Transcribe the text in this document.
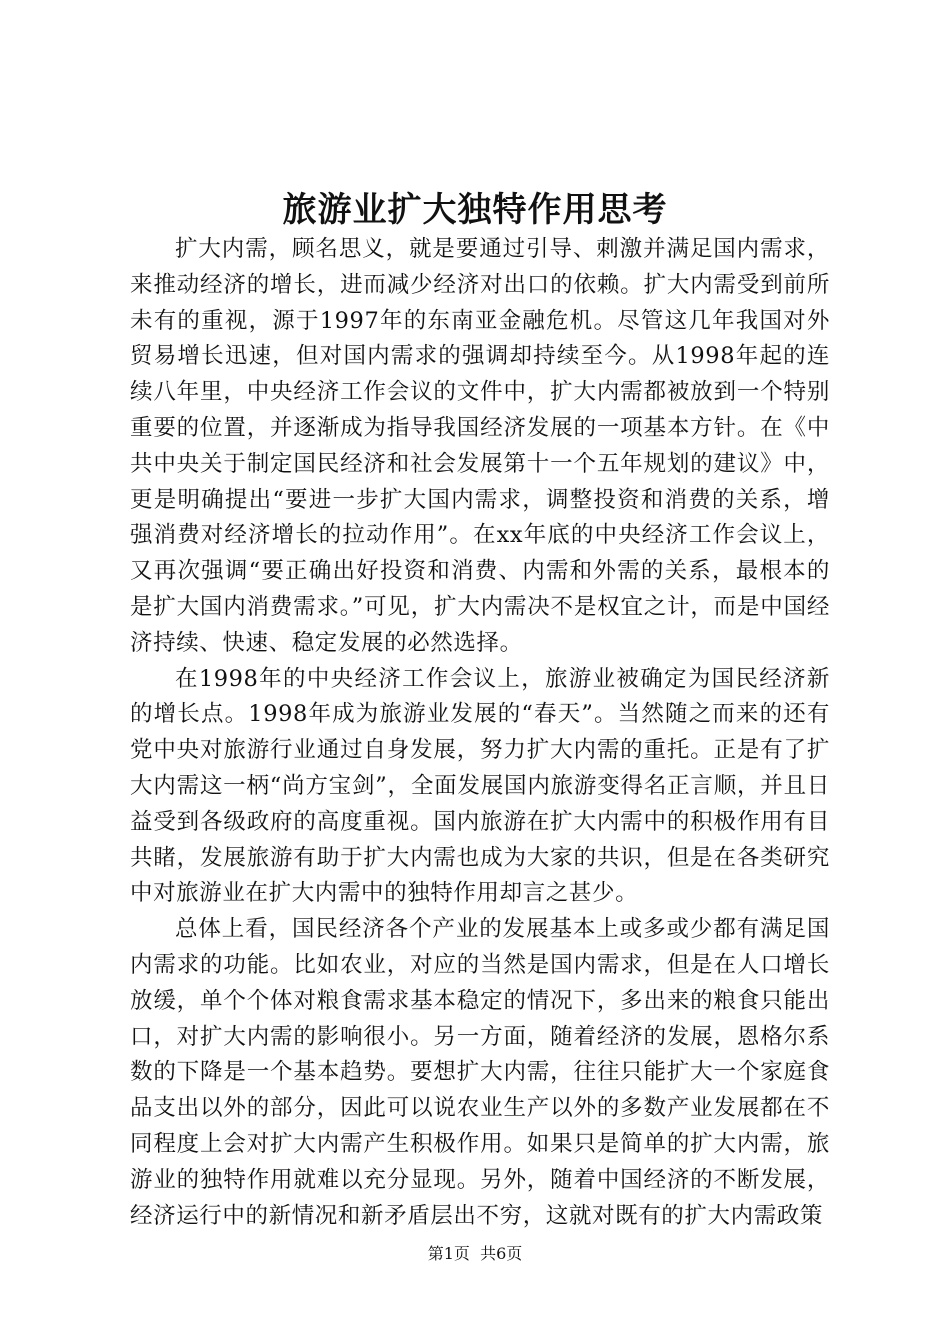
旅游业扩大独特作用思考

扩大内需，顾名思义，就是要通过引导、刺激并满足国内需求，来推动经济的增长，进而减少经济对出口的依赖。扩大内需受到前所未有的重视，源于1997年的东南亚金融危机。尽管这几年我国对外贸易增长迅速，但对国内需求的强调却持续至今。从1998年起的连续八年里，中央经济工作会议的文件中，扩大内需都被放到一个特别重要的位置，并逐渐成为指导我国经济发展的一项基本方针。在《中共中央关于制定国民经济和社会发展第十一个五年规划的建议》中，更是明确提出“要进一步扩大国内需求，调整投资和消费的关系，增强消费对经济增长的拉动作用”。在xx年底的中央经济工作会议上，又再次强调“要正确出好投资和消费、内需和外需的关系，最根本的是扩大国内消费需求。”可见，扩大内需决不是权宜之计，而是中国经济持续、快速、稳定发展的必然选择。

在1998年的中央经济工作会议上，旅游业被确定为国民经济新的增长点。1998年成为旅游业发展的“春天”。当然随之而来的还有党中央对旅游行业通过自身发展，努力扩大内需的重托。正是有了扩大内需这一柄“尚方宝剑”，全面发展国内旅游变得名正言顺，并且日益受到各级政府的高度重视。国内旅游在扩大内需中的积极作用有目共睹，发展旅游有助于扩大内需也成为大家的共识，但是在各类研究中对旅游业在扩大内需中的独特作用却言之甚少。

总体上看，国民经济各个产业的发展基本上或多或少都有满足国内需求的功能。比如农业，对应的当然是国内需求，但是在人口增长放缓，单个个体对粮食需求基本稳定的情况下，多出来的粮食只能出口，对扩大内需的影响很小。另一方面，随着经济的发展，恩格尔系数的下降是一个基本趋势。要想扩大内需，往往只能扩大一个家庭食品支出以外的部分，因此可以说农业生产以外的多数产业发展都在不同程度上会对扩大内需产生积极作用。如果只是简单的扩大内需，旅游业的独特作用就难以充分显现。另外，随着中国经济的不断发展，经济运行中的新情况和新矛盾层出不穷，这就对既有的扩大内需政策

第1页 共6页
